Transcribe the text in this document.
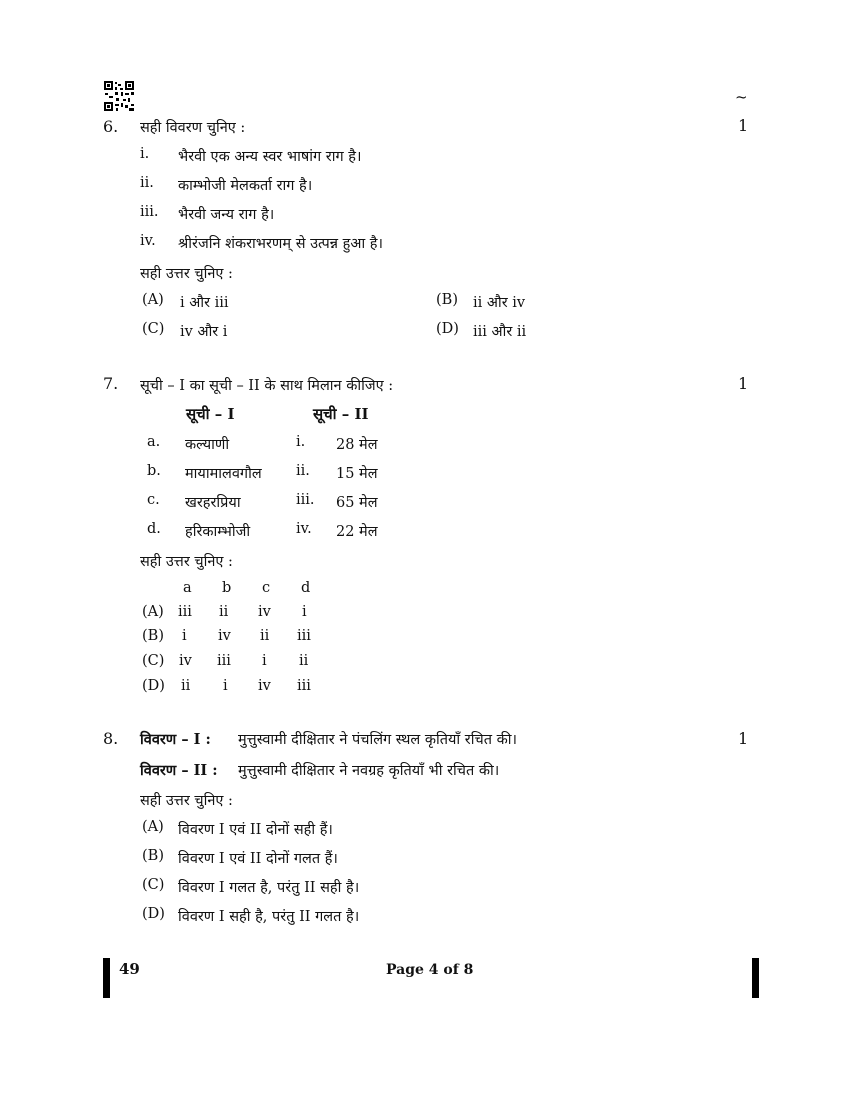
~
6. सही विवरण चुनिए :	1
i. भैरवी एक अन्य स्वर भाषांग राग है।
ii. काम्भोजी मेलकर्ता राग है।
iii. भैरवी जन्य राग है।
iv. श्रीरंजनि शंकराभरणम् से उत्पन्न हुआ है।
सही उत्तर चुनिए :
(A) i और iii	(B) ii और iv
(C) iv और i	(D) iii और ii
7. सूची – I का सूची – II के साथ मिलान कीजिए :	1
सूची – I	सूची – II
a. कल्याणी	i. 28 मेल
b. मायामालवगौल ii. 15 मेल
c. खरहरप्रिया	iii. 65 मेल
d. हरिकाम्भोजी	iv. 22 मेल
सही उत्तर चुनिए :
a b c d
(A) iii ii iv i
(B) i iv ii iii
(C) iv iii i ii
(D) ii i iv iii
8. विवरण – I : मुत्तुस्वामी दीक्षितार ने पंचलिंग स्थल कृतियाँ रचित की।	1
विवरण – II : मुत्तुस्वामी दीक्षितार ने नवग्रह कृतियाँ भी रचित की।
सही उत्तर चुनिए :
(A) विवरण I एवं II दोनों सही हैं।
(B) विवरण I एवं II दोनों गलत हैं।
(C) विवरण I गलत है, परंतु II सही है।
(D) विवरण I सही है, परंतु II गलत है।
49	Page 4 of 8
